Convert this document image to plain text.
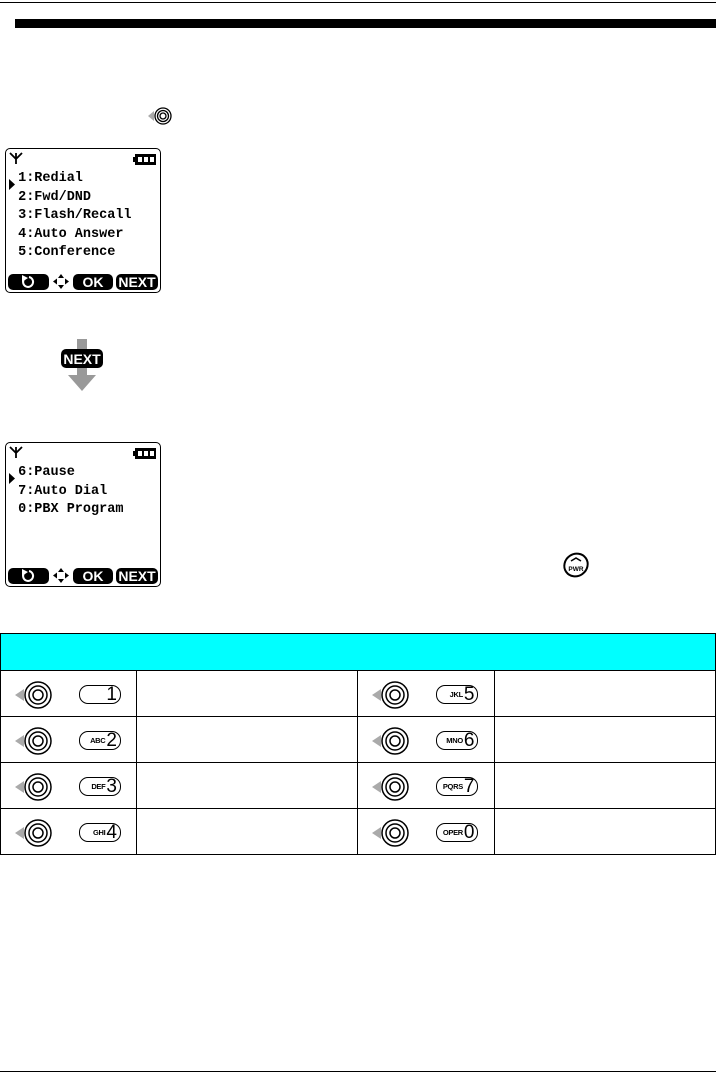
1:Redial
2:Fwd/DND
3:Flash/Recall
4:Auto Answer
5:Conference
OK	NEXT
NEXT
6:Pause
7:Auto Dial
0:PBX Program
OK	NEXT	PWR

1		JKL 5	

ABC 2		MNO 6	

DEF 3		PQRS 7	

GHI 4		OPER 0	
